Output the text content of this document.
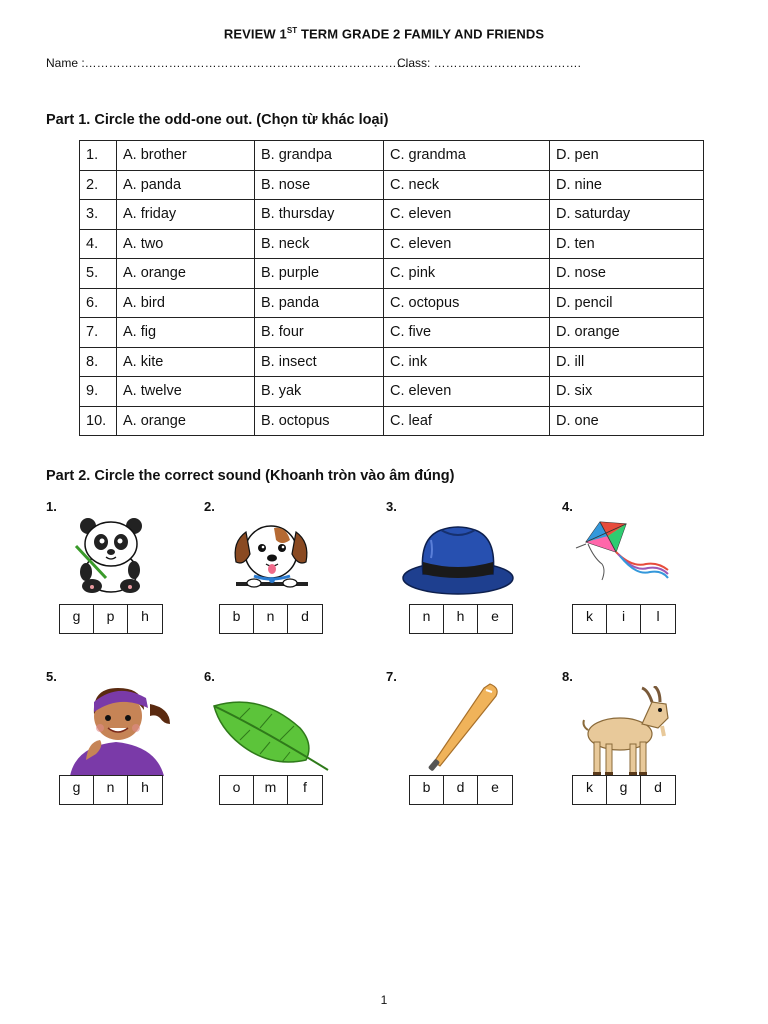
REVIEW 1ST TERM GRADE 2 FAMILY AND FRIENDS
Name :……………………………………………………………………….
Class: ……………………………….
Part 1. Circle the odd-one out. (Chọn từ khác loại)
1.	A. brother	B. grandpa	C. grandma	D. pen
2.	A. panda	B. nose	C. neck	D. nine
3.	A. friday	B. thursday	C. eleven	D. saturday
4.	A. two	B. neck	C. eleven	D. ten
5.	A. orange	B. purple	C. pink	D. nose
6.	A. bird	B. panda	C. octopus	D. pencil
7.	A. fig	B. four	C. five	D. orange
8.	A. kite	B. insect	C. ink	D. ill
9.	A. twelve	B. yak	C. eleven	D. six
10.	A. orange	B. octopus	C. leaf	D. one
Part 2. Circle the correct sound (Khoanh tròn vào âm đúng)
1.	2.	3.	4.
g	p	h	b	n	d	n	h	e	k	i	l
5.	6.	7.	8.
g	n	h	o	m	f	b	d	e	k	g	d
1
